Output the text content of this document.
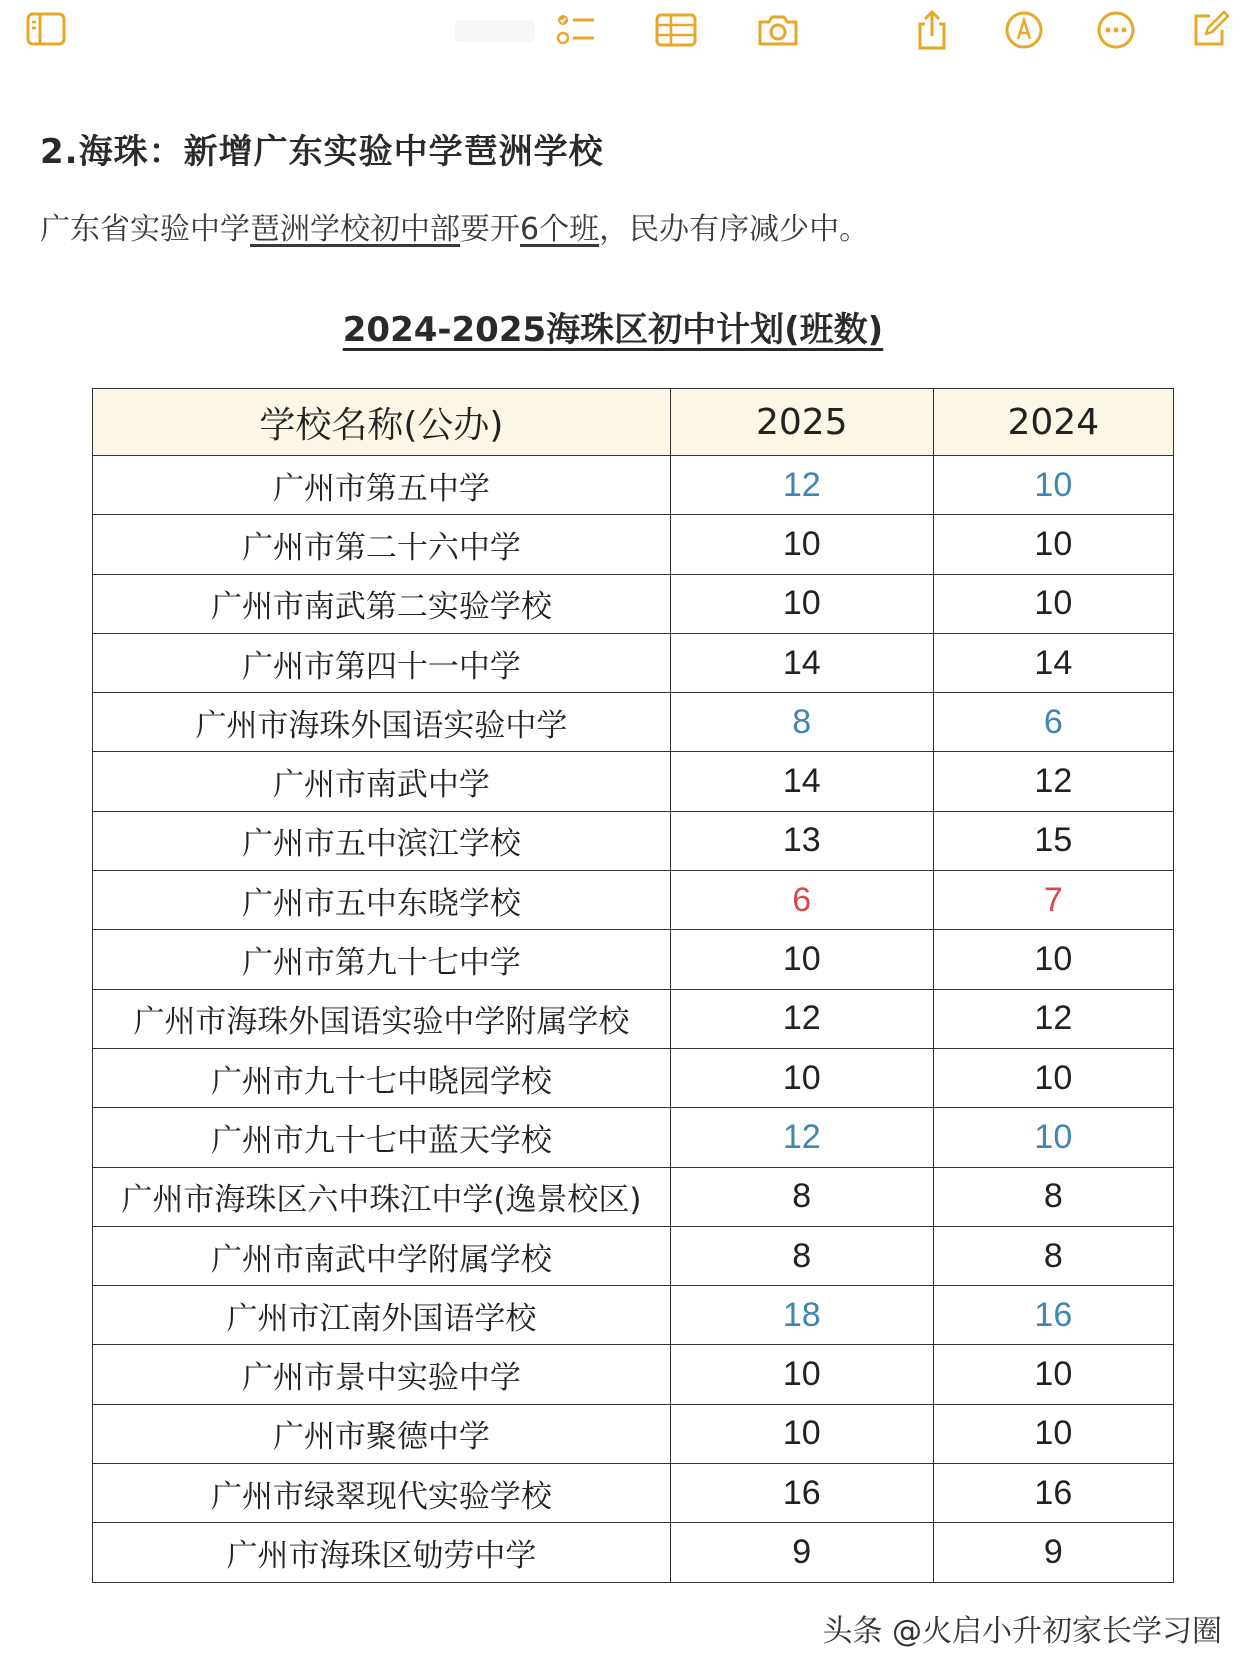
2.海珠：新增广东实验中学琶洲学校
广东省实验中学琶洲学校初中部要开6个班，民办有序减少中。
2024-2025海珠区初中计划(班数)
学校名称(公办)	2025	2024
广州市第五中学	12	10
广州市第二十六中学	10	10
广州市南武第二实验学校	10	10
广州市第四十一中学	14	14
广州市海珠外国语实验中学	8	6
广州市南武中学	14	12
广州市五中滨江学校	13	15
广州市五中东晓学校	6	7
广州市第九十七中学	10	10
广州市海珠外国语实验中学附属学校	12	12
广州市九十七中晓园学校	10	10
广州市九十七中蓝天学校	12	10
广州市海珠区六中珠江中学(逸景校区)	8	8
广州市南武中学附属学校	8	8
广州市江南外国语学校	18	16
广州市景中实验中学	10	10
广州市聚德中学	10	10
广州市绿翠现代实验学校	16	16
广州市海珠区劬劳中学	9	9
头条 @火启小升初家长学习圈
